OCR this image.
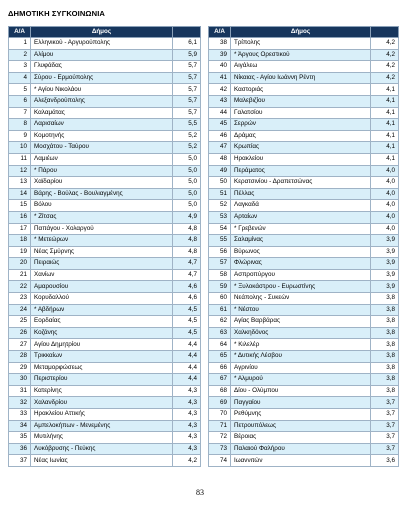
ΔΗΜΟΤΙΚΗ ΣΥΓΚΟΙΝΩΝΙΑ
Α/Α	Δήμος	
1	Ελληνικού - Αργυρούπολης	6,1
2	Αλίμου	5,9
3	Γλυφάδας	5,7
4	Σύρου - Ερμούπολης	5,7
5	* Αγίου Νικολάου	5,7
6	Αλεξανδρούπολης	5,7
7	Καλαμάτας	5,7
8	Λαρισαίων	5,5
9	Κομοτηνής	5,2
10	Μοσχάτου - Ταύρου	5,2
11	Λαμιέων	5,0
12	* Πάρου	5,0
13	Χαϊδαρίου	5,0
14	Βάρης - Βούλας - Βουλιαγμένης	5,0
15	Βόλου	5,0
16	* Ζίτσας	4,9
17	Παπάγου - Χολαργού	4,8
18	* Μετεώρων	4,8
19	Νέας Σμύρνης	4,8
20	Πειραιώς	4,7
21	Χανίων	4,7
22	Αμαρουσίου	4,6
23	Κορυδαλλού	4,6
24	* Αβδήρων	4,5
25	Εορδαίας	4,5
26	Κοζάνης	4,5
27	Αγίου Δημητρίου	4,4
28	Τρικκαίων	4,4
29	Μεταμορφώσεως	4,4
30	Περιστερίου	4,4
31	Κατερίνης	4,3
32	Χαλανδρίου	4,3
33	Ηρακλείου Αττικής	4,3
34	Αμπελοκήπων - Μενεμένης	4,3
35	Μυτιλήνης	4,3
36	Λυκόβρυσης - Πεύκης	4,3
37	Νέας Ιωνίας	4,2
Α/Α	Δήμος	
38	Τρίπολης	4,2
39	* Άργους Ορεστικού	4,2
40	Αιγάλεω	4,2
41	Νίκαιας - Αγίου Ιωάννη Ρέντη	4,2
42	Καστοριάς	4,1
43	Μαλεβιζίου	4,1
44	Γαλατσίου	4,1
45	Σερρών	4,1
46	Δράμας	4,1
47	Κρωπίας	4,1
48	Ηρακλείου	4,1
49	Περάματος	4,0
50	Κερατσινίου - Δραπετσώνας	4,0
51	Πέλλας	4,0
52	Λαγκαδά	4,0
53	Αρταίων	4,0
54	* Γρεβενών	4,0
55	Σαλαμίνας	3,9
56	Βύρωνος	3,9
57	Φλώρινας	3,9
58	Ασπροπύργου	3,9
59	* Ξυλοκάστρου - Ευρωστίνης	3,9
60	Νεάπολης - Συκεών	3,8
61	* Νέστου	3,8
62	Αγίας Βαρβάρας	3,8
63	Χαλκηδόνος	3,8
64	* Κιλελέρ	3,8
65	* Δυτικής Λέσβου	3,8
66	Αγρινίου	3,8
67	* Αλμυρού	3,8
68	Δίου - Ολύμπου	3,8
69	Παγγαίου	3,7
70	Ρεθύμνης	3,7
71	Πετρουπόλεως	3,7
72	Βέροιας	3,7
73	Παλαιού Φαλήρου	3,7
74	Ιωαννιτών	3,6
83
